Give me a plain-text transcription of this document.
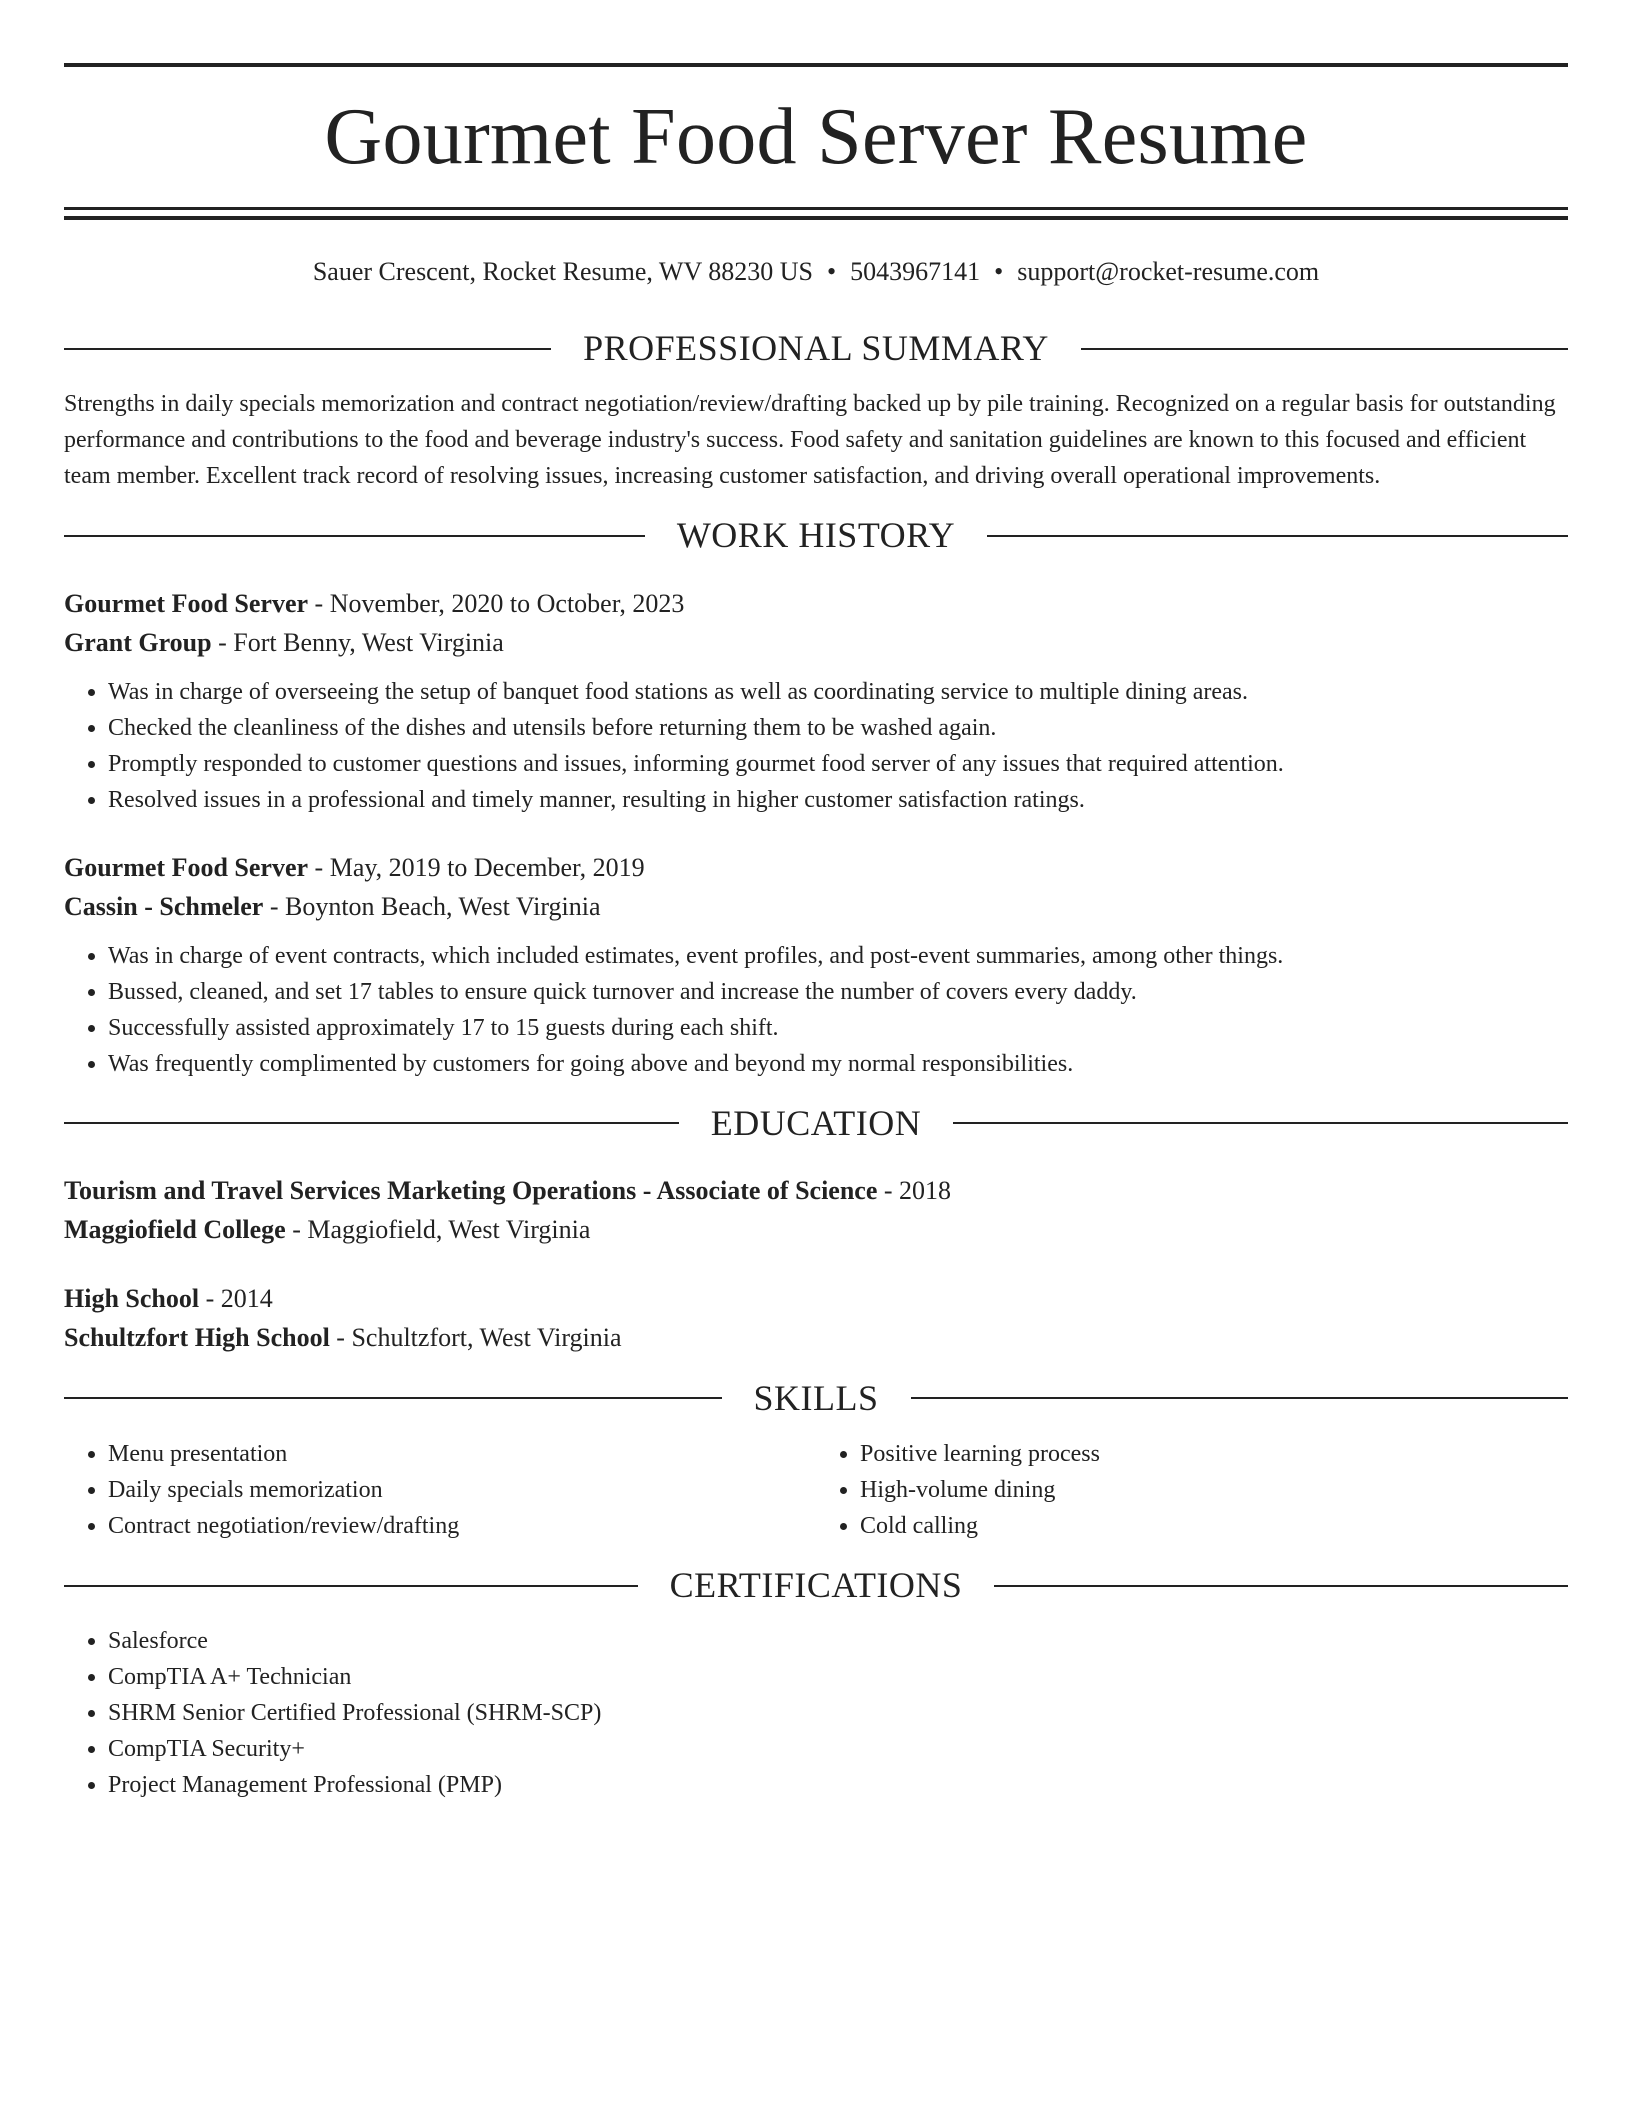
Gourmet Food Server Resume
Sauer Crescent, Rocket Resume, WV 88230 US • 5043967141 • support@rocket-resume.com
PROFESSIONAL SUMMARY
Strengths in daily specials memorization and contract negotiation/review/drafting backed up by pile training. Recognized on a regular basis for outstanding performance and contributions to the food and beverage industry's success. Food safety and sanitation guidelines are known to this focused and efficient team member. Excellent track record of resolving issues, increasing customer satisfaction, and driving overall operational improvements.
WORK HISTORY
Gourmet Food Server - November, 2020 to October, 2023
Grant Group - Fort Benny, West Virginia
• Was in charge of overseeing the setup of banquet food stations as well as coordinating service to multiple dining areas.
• Checked the cleanliness of the dishes and utensils before returning them to be washed again.
• Promptly responded to customer questions and issues, informing gourmet food server of any issues that required attention.
• Resolved issues in a professional and timely manner, resulting in higher customer satisfaction ratings.
Gourmet Food Server - May, 2019 to December, 2019
Cassin - Schmeler - Boynton Beach, West Virginia
• Was in charge of event contracts, which included estimates, event profiles, and post-event summaries, among other things.
• Bussed, cleaned, and set 17 tables to ensure quick turnover and increase the number of covers every daddy.
• Successfully assisted approximately 17 to 15 guests during each shift.
• Was frequently complimented by customers for going above and beyond my normal responsibilities.
EDUCATION
Tourism and Travel Services Marketing Operations - Associate of Science - 2018
Maggiofield College - Maggiofield, West Virginia
High School - 2014
Schultzfort High School - Schultzfort, West Virginia
SKILLS
• Menu presentation
• Daily specials memorization
• Contract negotiation/review/drafting
• Positive learning process
• High-volume dining
• Cold calling
CERTIFICATIONS
• Salesforce
• CompTIA A+ Technician
• SHRM Senior Certified Professional (SHRM-SCP)
• CompTIA Security+
• Project Management Professional (PMP)
